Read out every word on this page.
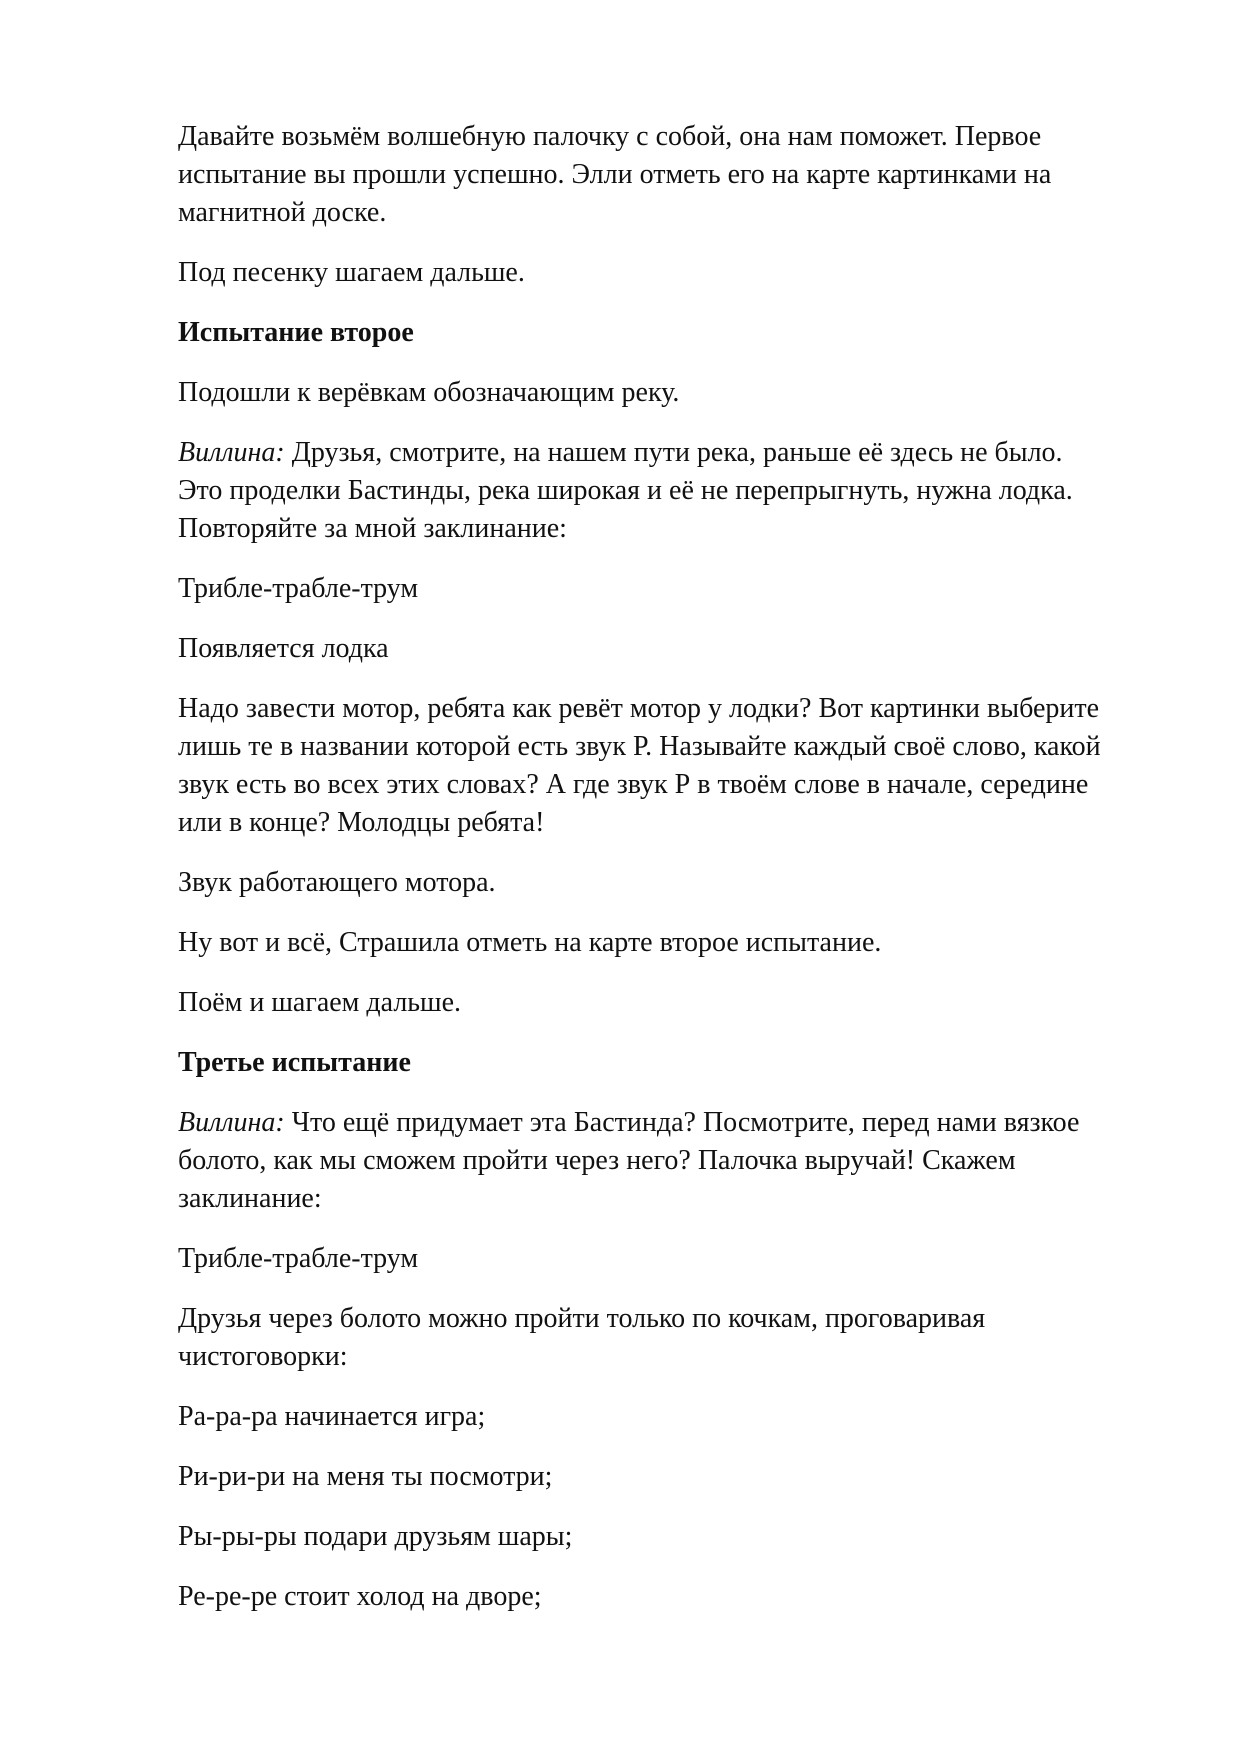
Давайте возьмём волшебную палочку с собой, она нам поможет. Первое
испытание вы прошли успешно. Элли отметь его на карте картинками на
магнитной доске.

Под песенку шагаем дальше.

Испытание второе

Подошли к верёвкам обозначающим реку.

Виллина: Друзья, смотрите, на нашем пути река, раньше её здесь не было.
Это проделки Бастинды, река широкая и её не перепрыгнуть, нужна лодка.
Повторяйте за мной заклинание:

Трибле-трабле-трум

Появляется лодка

Надо завести мотор, ребята как ревёт мотор у лодки? Вот картинки выберите
лишь те в названии которой есть звук Р. Называйте каждый своё слово, какой
звук есть во всех этих словах? А где звук Р в твоём слове в начале, середине
или в конце? Молодцы ребята!

Звук работающего мотора.

Ну вот и всё, Страшила отметь на карте второе испытание.

Поём и шагаем дальше.

Третье испытание

Виллина: Что ещё придумает эта Бастинда? Посмотрите, перед нами вязкое
болото, как мы сможем пройти через него? Палочка выручай! Скажем
заклинание:

Трибле-трабле-трум

Друзья через болото можно пройти только по кочкам, проговаривая
чистоговорки:

Ра-ра-ра начинается игра;

Ри-ри-ри на меня ты посмотри;

Ры-ры-ры подари друзьям шары;

Ре-ре-ре стоит холод на дворе;
